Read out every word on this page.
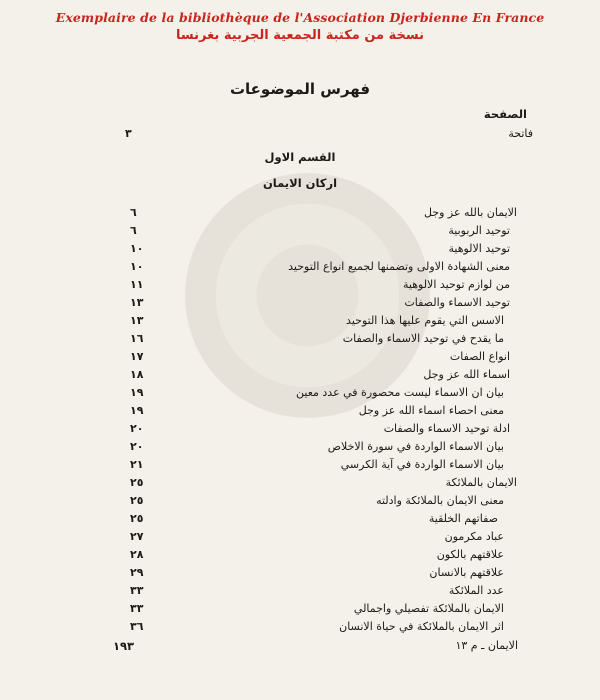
Exemplaire de la bibliothèque de l'Association Djerbienne En France
نسخة من مكتبة الجمعية الجربية بغرنسا
فهرس الموضوعات
الصفحة
فاتحة
٣
القسم الاول
اركان الايمان
الايمان بالله عز وجل
٦
توحيد الربوبية
٦
توحيد الالوهية
١٠
معنى الشهادة الاولى وتضمنها لجميع انواع التوحيد
١٠
من لوازم توحيد الالوهية
١١
توحيد الاسماء والصفات
١٣
الاسس التي يقوم عليها هذا التوحيد
١٣
ما يقدح في توحيد الاسماء والصفات
١٦
انواع الصفات
١٧
اسماء الله عز وجل
١٨
بيان ان الاسماء ليست محصورة في عدد معين
١٩
معنى احصاء اسماء الله عز وجل
١٩
ادلة توحيد الاسماء والصفات
٢٠
بيان الاسماء الواردة في سورة الاخلاص
٢٠
بيان الاسماء الواردة في آية الكرسي
٢١
الايمان بالملائكة
٢٥
معنى الايمان بالملائكة وادلته
٢٥
صفاتهم الخلقية
٢٥
عباد مكرمون
٢٧
علاقتهم بالكون
٢٨
علاقتهم بالانسان
٢٩
عدد الملائكة
٣٣
الايمان بالملائكة تفصيلي واجمالي
٣٣
اثر الايمان بالملائكة في حياة الانسان
٣٦
١٩٣	الايمان ـ م ١٣
